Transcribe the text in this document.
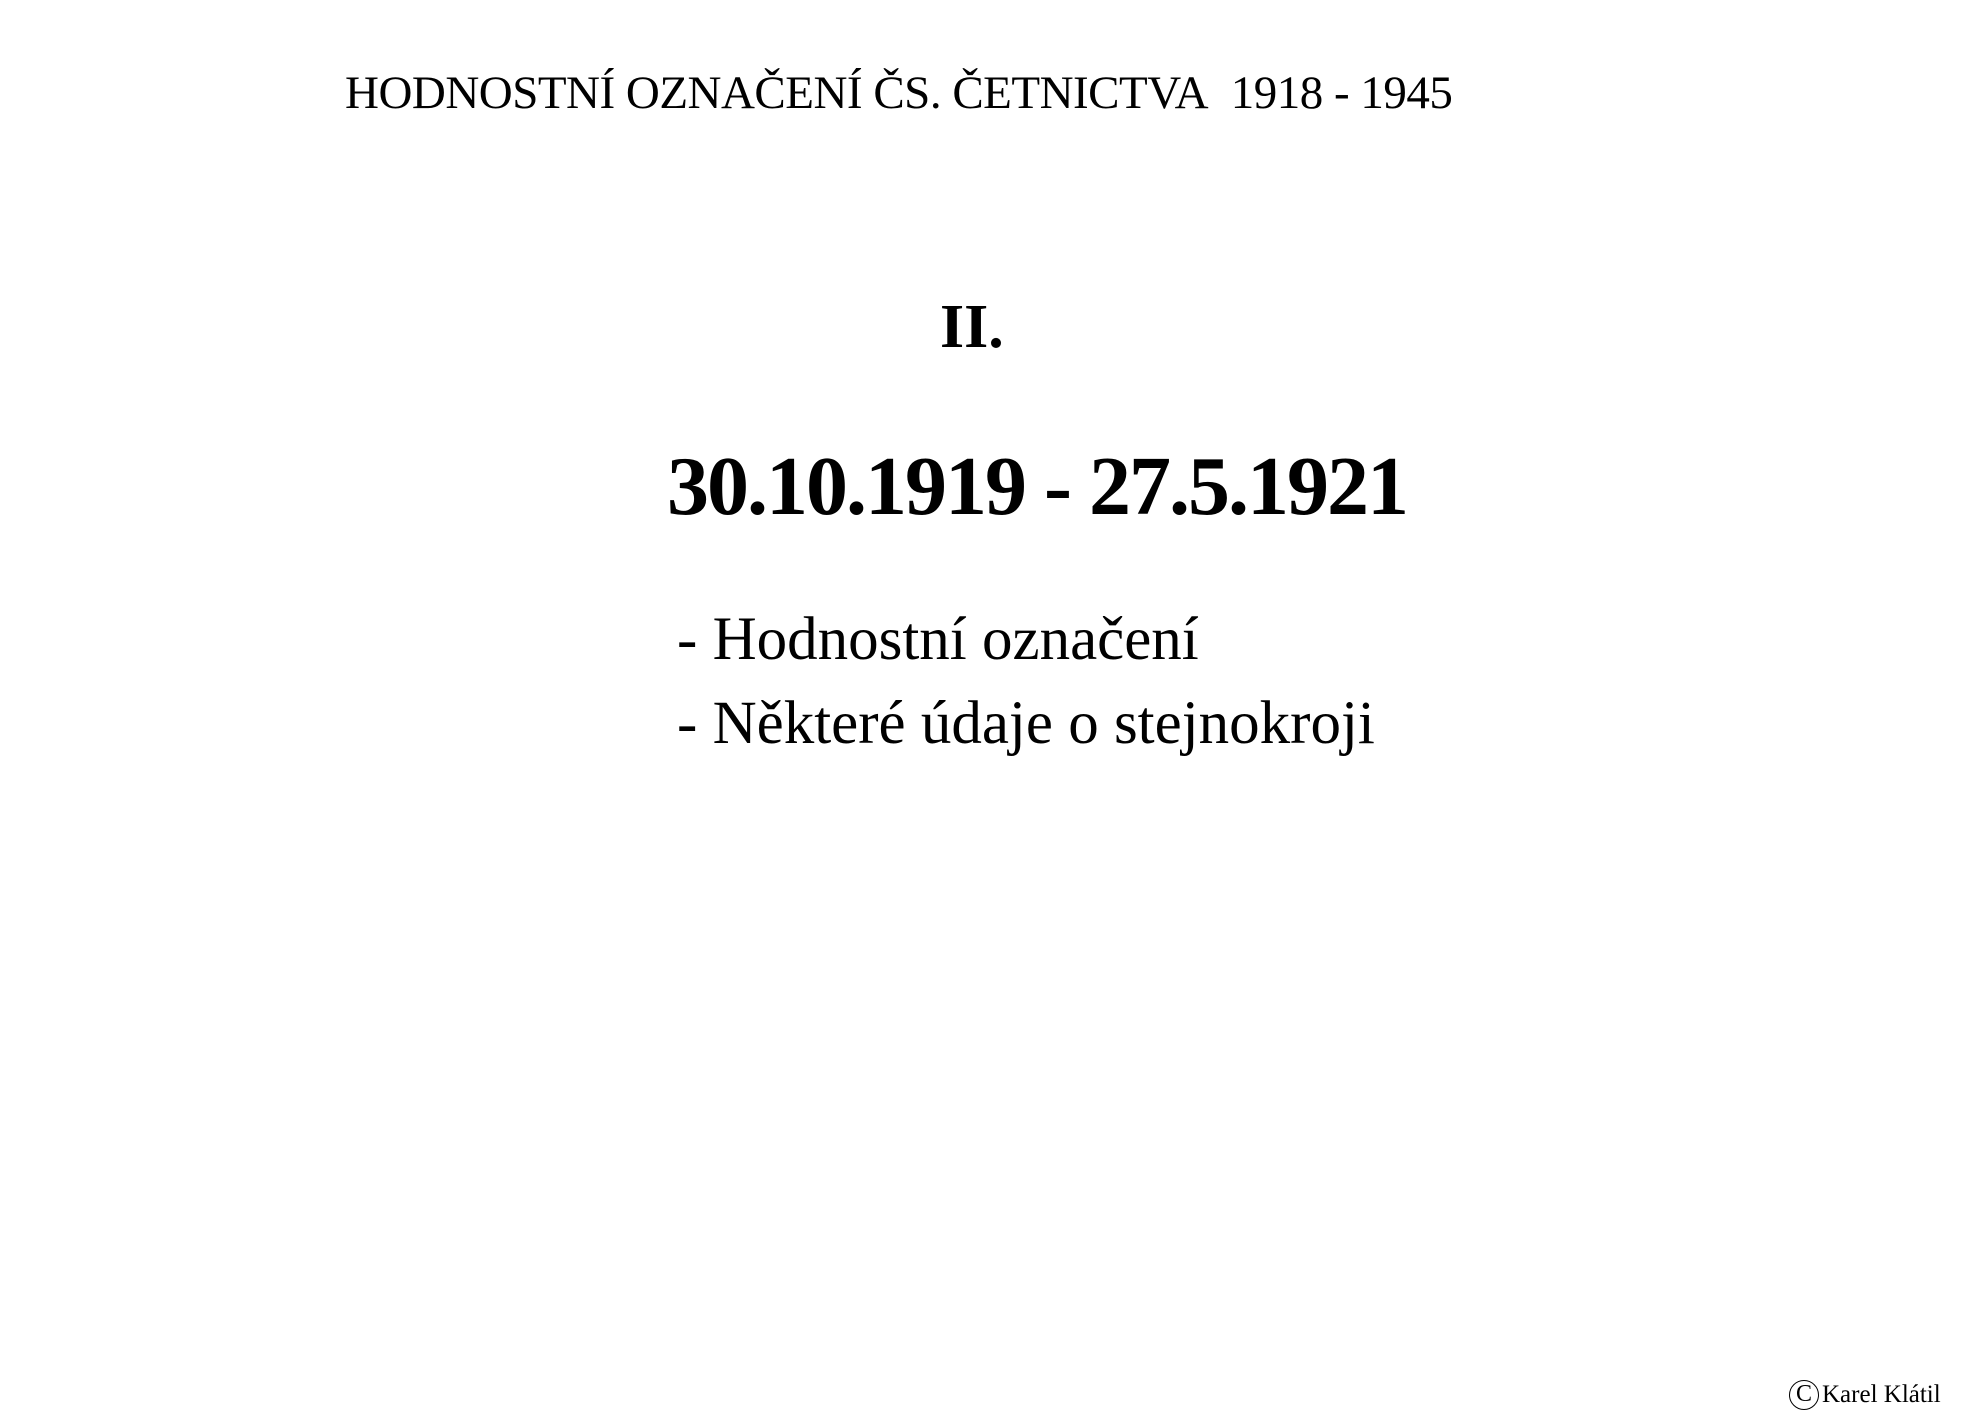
HODNOSTNÍ OZNAČENÍ ČS. ČETNICTVA 1918 - 1945
II.
30.10.1919 - 27.5.1921
- Hodnostní označení
- Některé údaje o stejnokroji
C Karel Klátil
